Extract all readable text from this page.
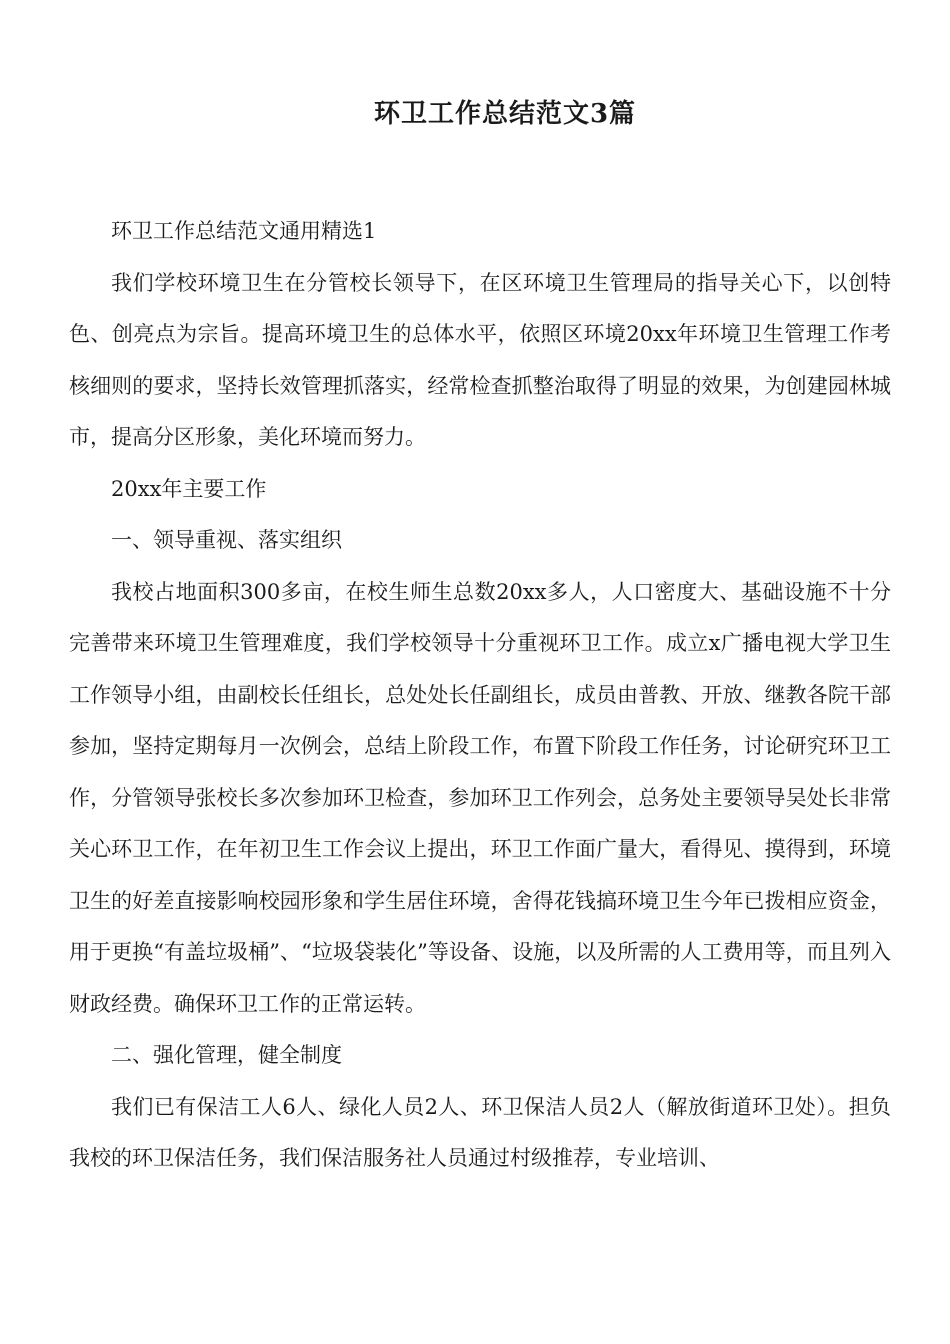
环卫工作总结范文3篇

环卫工作总结范文通用精选1

我们学校环境卫生在分管校长领导下，在区环境卫生管理局的指导关心下，以创特色、创亮点为宗旨。提高环境卫生的总体水平，依照区环境20xx年环境卫生管理工作考核细则的要求，坚持长效管理抓落实，经常检查抓整治取得了明显的效果，为创建园林城市，提高分区形象，美化环境而努力。

20xx年主要工作

一、领导重视、落实组织

我校占地面积300多亩，在校生师生总数20xx多人，人口密度大、基础设施不十分完善带来环境卫生管理难度，我们学校领导十分重视环卫工作。成立x广播电视大学卫生工作领导小组，由副校长任组长，总处处长任副组长，成员由普教、开放、继教各院干部参加，坚持定期每月一次例会，总结上阶段工作，布置下阶段工作任务，讨论研究环卫工作，分管领导张校长多次参加环卫检查，参加环卫工作列会，总务处主要领导吴处长非常关心环卫工作，在年初卫生工作会议上提出，环卫工作面广量大，看得见、摸得到，环境卫生的好差直接影响校园形象和学生居住环境，舍得花钱搞环境卫生今年已拨相应资金，用于更换“有盖垃圾桶”、“垃圾袋装化”等设备、设施，以及所需的人工费用等，而且列入财政经费。确保环卫工作的正常运转。

二、强化管理，健全制度

我们已有保洁工人6人、绿化人员2人、环卫保洁人员2人（解放街道环卫处）。担负我校的环卫保洁任务，我们保洁服务社人员通过村级推荐，专业培训、
